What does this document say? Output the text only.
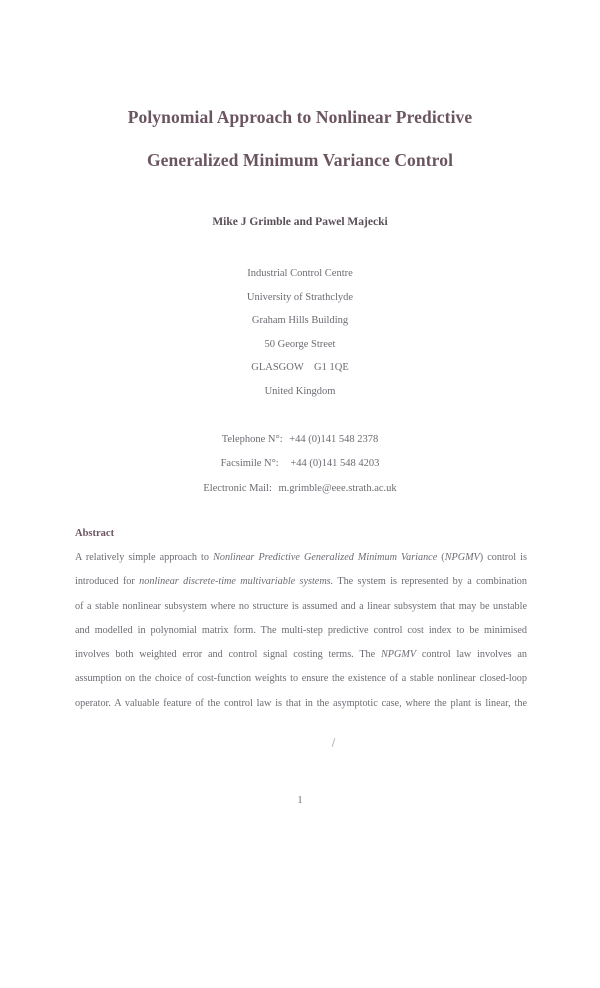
Polynomial Approach to Nonlinear Predictive
Generalized Minimum Variance Control
Mike J Grimble and Pawel Majecki
Industrial Control Centre
University of Strathclyde
Graham Hills Building
50 George Street
GLASGOW    G1 1QE
United Kingdom
Telephone N°: +44 (0)141 548 2378
Facsimile N°: +44 (0)141 548 4203
Electronic Mail: m.grimble@eee.strath.ac.uk
Abstract
A relatively simple approach to Nonlinear Predictive Generalized Minimum Variance (NPGMV) control is
introduced for nonlinear discrete-time multivariable systems. The system is represented by a combination
of a stable nonlinear subsystem where no structure is assumed and a linear subsystem that may be unstable
and modelled in polynomial matrix form. The multi-step predictive control cost index to be minimised
involves both weighted error and control signal costing terms. The NPGMV control law involves an
assumption on the choice of cost-function weights to ensure the existence of a stable nonlinear closed-loop
operator. A valuable feature of the control law is that in the asymptotic case, where the plant is linear, the
1
